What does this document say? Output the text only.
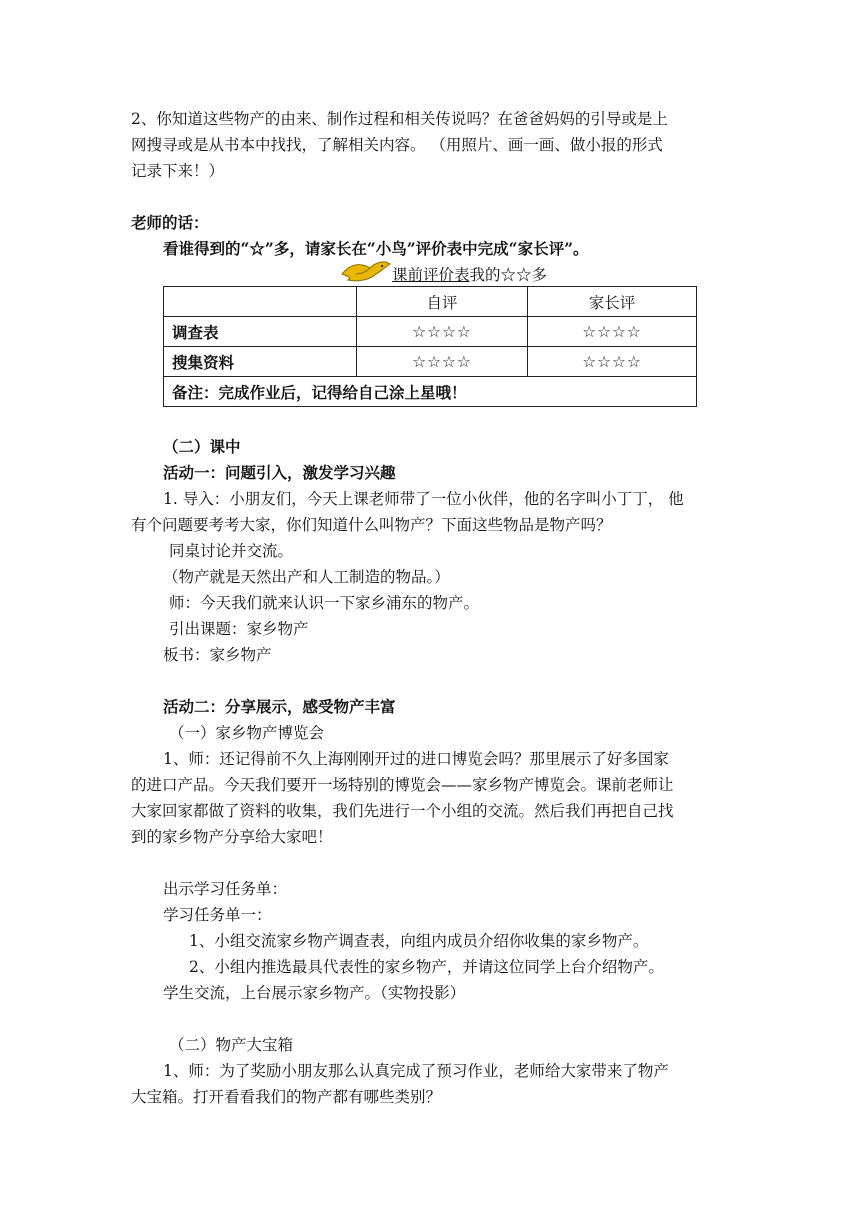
2、你知道这些物产的由来、制作过程和相关传说吗？在爸爸妈妈的引导或是上
网搜寻或是从书本中找找，了解相关内容。 （用照片、画一画、做小报的形式
记录下来！）
老师的话：
看谁得到的“☆”多，请家长在“小鸟”评价表中完成“家长评”。
课前评价表我的☆☆多
	自评	家长评
调查表	☆☆☆☆	☆☆☆☆
搜集资料	☆☆☆☆	☆☆☆☆
备注：完成作业后，记得给自己涂上星哦！		
（二）课中
活动一：问题引入，激发学习兴趣
1. 导入：小朋友们，今天上课老师带了一位小伙伴，他的名字叫小丁丁， 他
有个问题要考考大家，你们知道什么叫物产？下面这些物品是物产吗？
同桌讨论并交流。
（物产就是天然出产和人工制造的物品。）
师：今天我们就来认识一下家乡浦东的物产。
引出课题：家乡物产
板书：家乡物产
活动二：分享展示，感受物产丰富
（一）家乡物产博览会
1、师：还记得前不久上海刚刚开过的进口博览会吗？那里展示了好多国家
的进口产品。今天我们要开一场特别的博览会——家乡物产博览会。课前老师让
大家回家都做了资料的收集，我们先进行一个小组的交流。然后我们再把自己找
到的家乡物产分享给大家吧！
出示学习任务单：
学习任务单一：
1、小组交流家乡物产调查表，向组内成员介绍你收集的家乡物产。
2、小组内推选最具代表性的家乡物产，并请这位同学上台介绍物产。
学生交流，上台展示家乡物产。（实物投影）
（二）物产大宝箱
1、师：为了奖励小朋友那么认真完成了预习作业，老师给大家带来了物产
大宝箱。打开看看我们的物产都有哪些类别？
